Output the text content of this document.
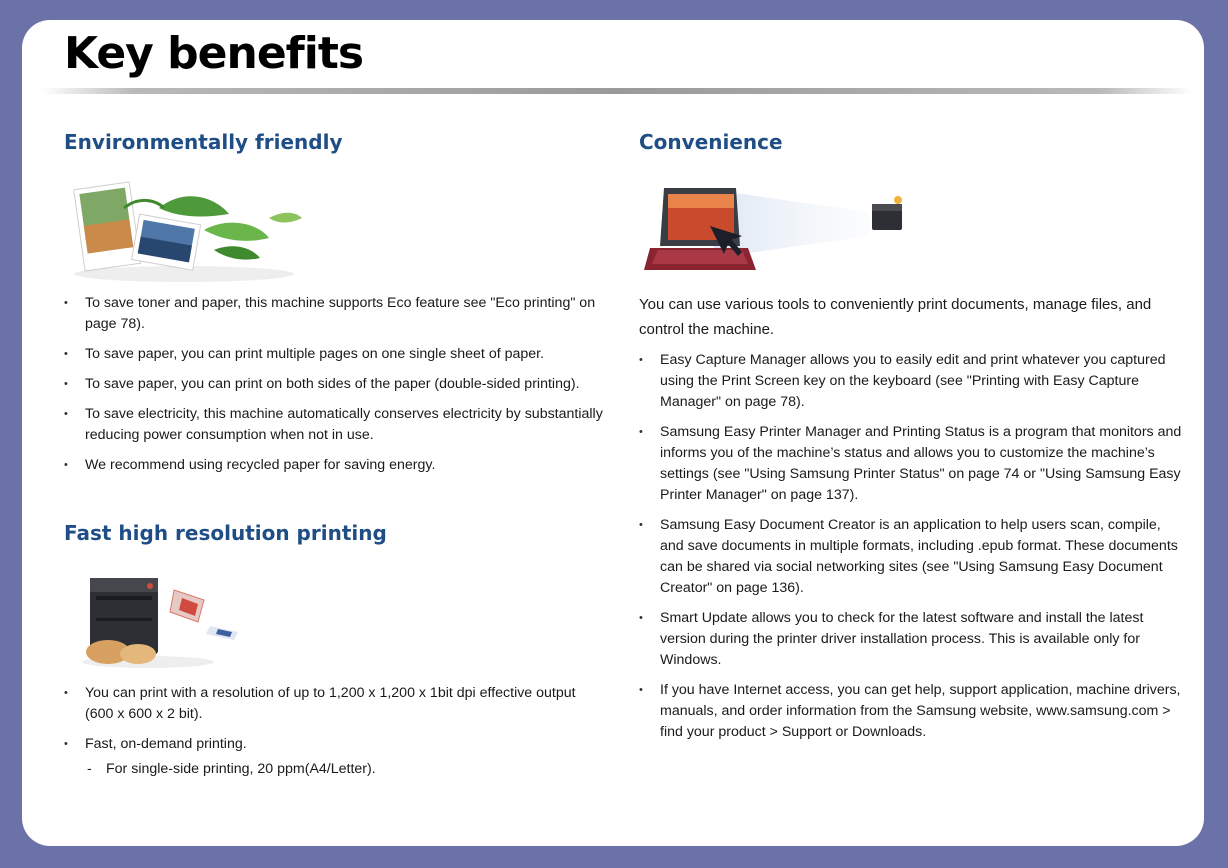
Key benefits
Environmentally friendly
• To save toner and paper, this machine supports Eco feature see "Eco printing" on page 78).
• To save paper, you can print multiple pages on one single sheet of paper.
• To save paper, you can print on both sides of the paper (double-sided printing).
• To save electricity, this machine automatically conserves electricity by substantially reducing power consumption when not in use.
• We recommend using recycled paper for saving energy.
Fast high resolution printing
• You can print with a resolution of up to 1,200 x 1,200 x 1bit dpi effective output (600 x 600 x 2 bit).
• Fast, on-demand printing.
- For single-side printing, 20 ppm(A4/Letter).
Convenience

You can use various tools to conveniently print documents, manage files, and control the machine.

• Easy Capture Manager allows you to easily edit and print whatever you captured using the Print Screen key on the keyboard (see "Printing with Easy Capture Manager" on page 78).
• Samsung Easy Printer Manager and Printing Status is a program that monitors and informs you of the machine’s status and allows you to customize the machine’s settings (see "Using Samsung Printer Status" on page 74 or "Using Samsung Easy Printer Manager" on page 137).
• Samsung Easy Document Creator is an application to help users scan, compile, and save documents in multiple formats, including .epub format. These documents can be shared via social networking sites (see "Using Samsung Easy Document Creator" on page 136).
• Smart Update allows you to check for the latest software and install the latest version during the printer driver installation process. This is available only for Windows.
• If you have Internet access, you can get help, support application, machine drivers, manuals, and order information from the Samsung website, www.samsung.com > find your product > Support or Downloads.
